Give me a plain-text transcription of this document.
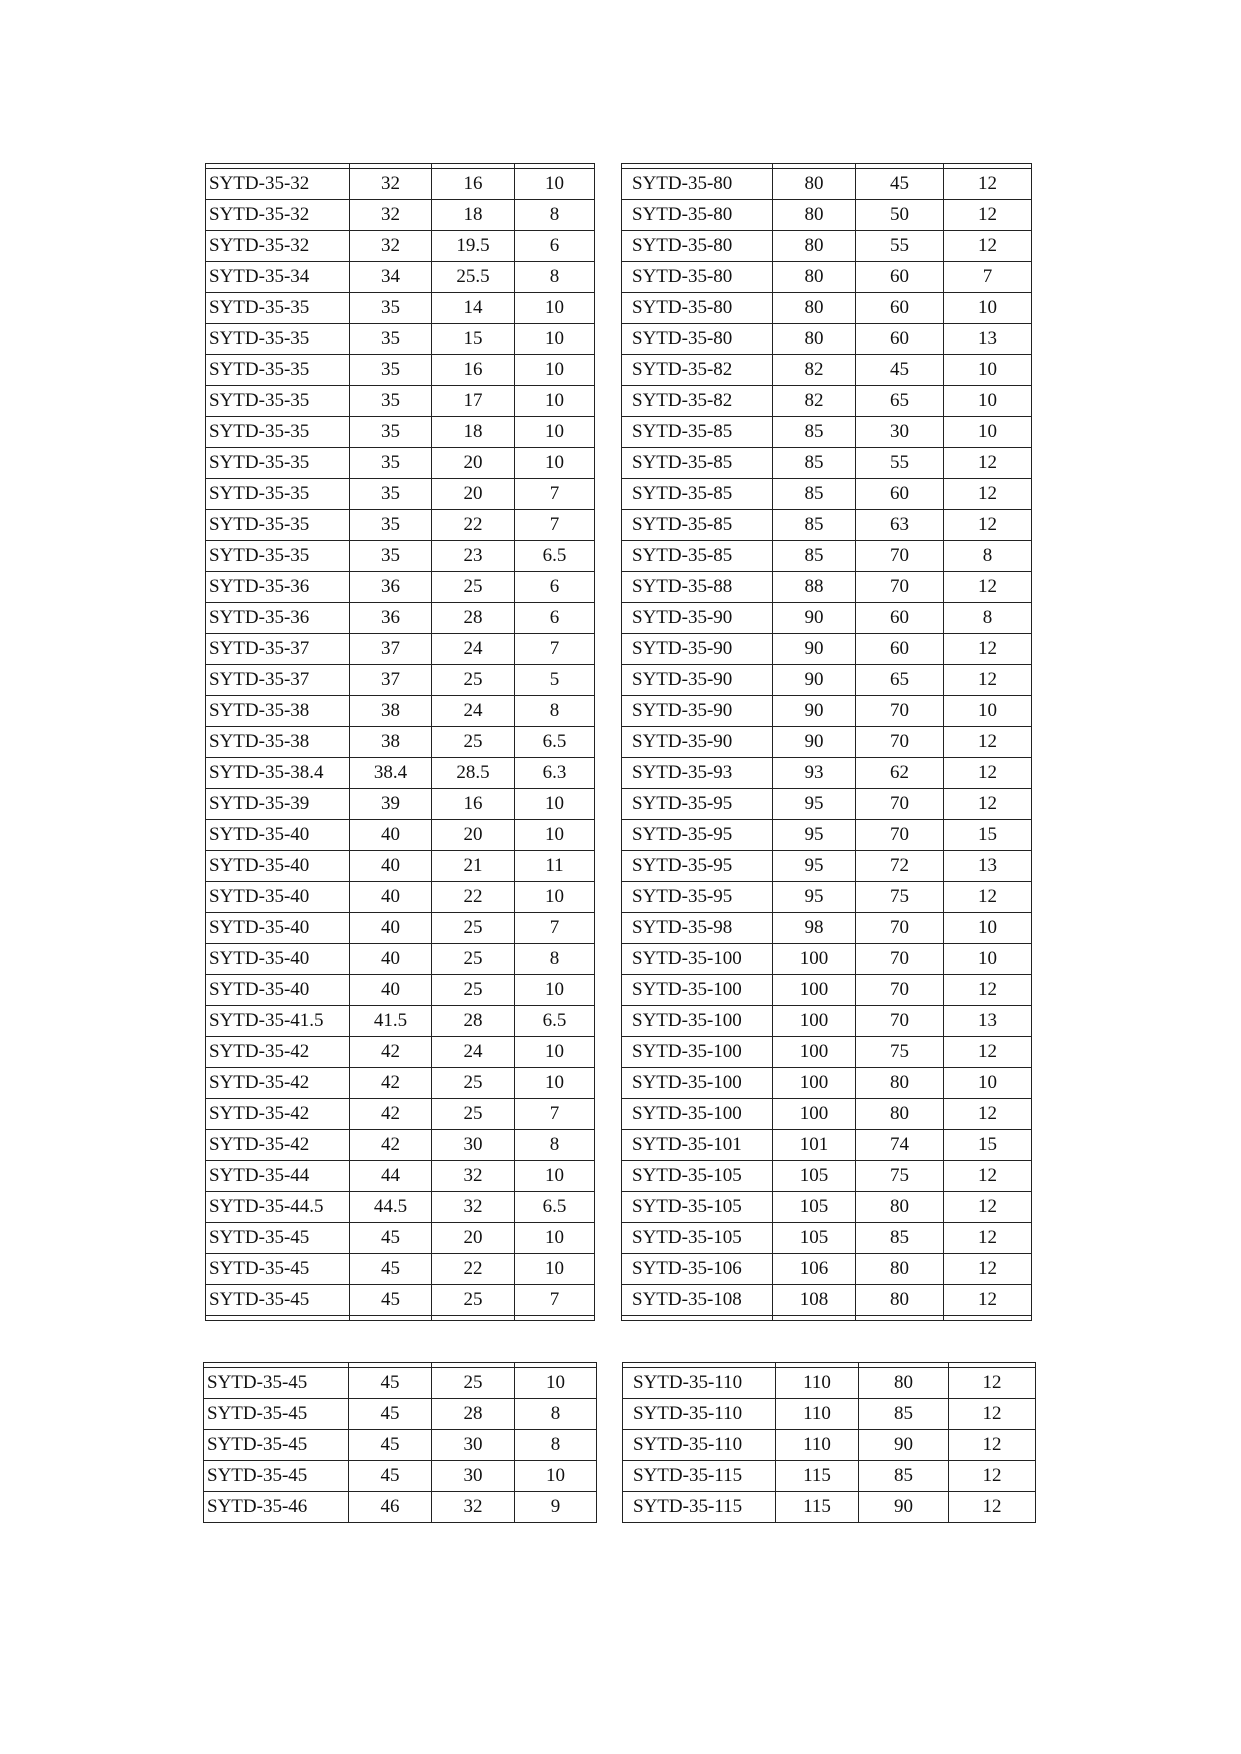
SYTD-35-32	32	16	10
SYTD-35-32	32	18	8
SYTD-35-32	32	19.5	6
SYTD-35-34	34	25.5	8
SYTD-35-35	35	14	10
SYTD-35-35	35	15	10
SYTD-35-35	35	16	10
SYTD-35-35	35	17	10
SYTD-35-35	35	18	10
SYTD-35-35	35	20	10
SYTD-35-35	35	20	7
SYTD-35-35	35	22	7
SYTD-35-35	35	23	6.5
SYTD-35-36	36	25	6
SYTD-35-36	36	28	6
SYTD-35-37	37	24	7
SYTD-35-37	37	25	5
SYTD-35-38	38	24	8
SYTD-35-38	38	25	6.5
SYTD-35-38.4	38.4	28.5	6.3
SYTD-35-39	39	16	10
SYTD-35-40	40	20	10
SYTD-35-40	40	21	11
SYTD-35-40	40	22	10
SYTD-35-40	40	25	7
SYTD-35-40	40	25	8
SYTD-35-40	40	25	10
SYTD-35-41.5	41.5	28	6.5
SYTD-35-42	42	24	10
SYTD-35-42	42	25	10
SYTD-35-42	42	25	7
SYTD-35-42	42	30	8
SYTD-35-44	44	32	10
SYTD-35-44.5	44.5	32	6.5
SYTD-35-45	45	20	10
SYTD-35-45	45	22	10
SYTD-35-45	45	25	7

SYTD-35-80	80	45	12
SYTD-35-80	80	50	12
SYTD-35-80	80	55	12
SYTD-35-80	80	60	7
SYTD-35-80	80	60	10
SYTD-35-80	80	60	13
SYTD-35-82	82	45	10
SYTD-35-82	82	65	10
SYTD-35-85	85	30	10
SYTD-35-85	85	55	12
SYTD-35-85	85	60	12
SYTD-35-85	85	63	12
SYTD-35-85	85	70	8
SYTD-35-88	88	70	12
SYTD-35-90	90	60	8
SYTD-35-90	90	60	12
SYTD-35-90	90	65	12
SYTD-35-90	90	70	10
SYTD-35-90	90	70	12
SYTD-35-93	93	62	12
SYTD-35-95	95	70	12
SYTD-35-95	95	70	15
SYTD-35-95	95	72	13
SYTD-35-95	95	75	12
SYTD-35-98	98	70	10
SYTD-35-100	100	70	10
SYTD-35-100	100	70	12
SYTD-35-100	100	70	13
SYTD-35-100	100	75	12
SYTD-35-100	100	80	10
SYTD-35-100	100	80	12
SYTD-35-101	101	74	15
SYTD-35-105	105	75	12
SYTD-35-105	105	80	12
SYTD-35-105	105	85	12
SYTD-35-106	106	80	12
SYTD-35-108	108	80	12

SYTD-35-45	45	25	10
SYTD-35-45	45	28	8
SYTD-35-45	45	30	8
SYTD-35-45	45	30	10
SYTD-35-46	46	32	9

SYTD-35-110	110	80	12
SYTD-35-110	110	85	12
SYTD-35-110	110	90	12
SYTD-35-115	115	85	12
SYTD-35-115	115	90	12
